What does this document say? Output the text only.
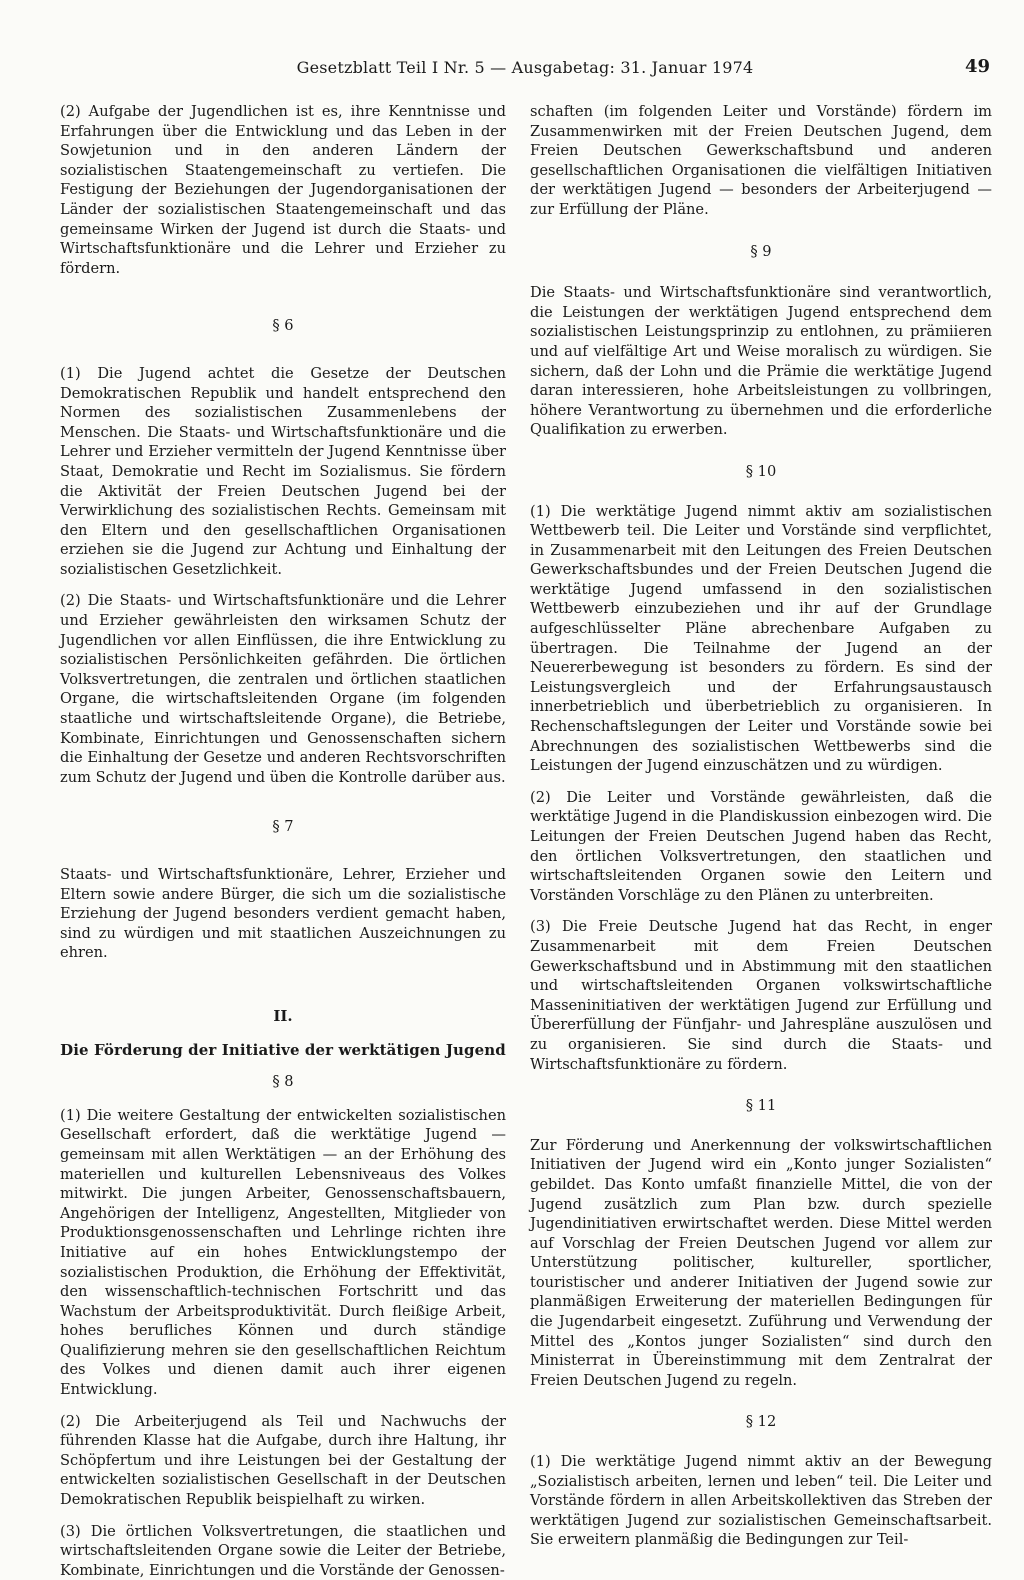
Gesetzblatt Teil I Nr. 5 — Ausgabetag: 31. Januar 1974	49

(2) Aufgabe der Jugendlichen ist es, ihre Kenntnisse und Erfahrungen über die Entwicklung und das Leben in der Sowjetunion und in den anderen Ländern der sozialistischen Staatengemeinschaft zu vertiefen. Die Festigung der Beziehungen der Jugendorganisationen der Länder der sozialistischen Staatengemeinschaft und das gemeinsame Wirken der Jugend ist durch die Staats- und Wirtschaftsfunktionäre und die Lehrer und Erzieher zu fördern.

§ 6

(1) Die Jugend achtet die Gesetze der Deutschen Demokratischen Republik und handelt entsprechend den Normen des sozialistischen Zusammenlebens der Menschen. Die Staats- und Wirtschaftsfunktionäre und die Lehrer und Erzieher vermitteln der Jugend Kenntnisse über Staat, Demokratie und Recht im Sozialismus. Sie fördern die Aktivität der Freien Deutschen Jugend bei der Verwirklichung des sozialistischen Rechts. Gemeinsam mit den Eltern und den gesellschaftlichen Organisationen erziehen sie die Jugend zur Achtung und Einhaltung der sozialistischen Gesetzlichkeit.

(2) Die Staats- und Wirtschaftsfunktionäre und die Lehrer und Erzieher gewährleisten den wirksamen Schutz der Jugendlichen vor allen Einflüssen, die ihre Entwicklung zu sozialistischen Persönlichkeiten gefährden. Die örtlichen Volksvertretungen, die zentralen und örtlichen staatlichen Organe, die wirtschaftsleitenden Organe (im folgenden staatliche und wirtschaftsleitende Organe), die Betriebe, Kombinate, Einrichtungen und Genossenschaften sichern die Einhaltung der Gesetze und anderen Rechtsvorschriften zum Schutz der Jugend und üben die Kontrolle darüber aus.

§ 7

Staats- und Wirtschaftsfunktionäre, Lehrer, Erzieher und Eltern sowie andere Bürger, die sich um die sozialistische Erziehung der Jugend besonders verdient gemacht haben, sind zu würdigen und mit staatlichen Auszeichnungen zu ehren.

II.
Die Förderung der Initiative der werktätigen Jugend
§ 8

(1) Die weitere Gestaltung der entwickelten sozialistischen Gesellschaft erfordert, daß die werktätige Jugend — gemeinsam mit allen Werktätigen — an der Erhöhung des materiellen und kulturellen Lebensniveaus des Volkes mitwirkt. Die jungen Arbeiter, Genossenschaftsbauern, Angehörigen der Intelligenz, Angestellten, Mitglieder von Produktionsgenossenschaften und Lehrlinge richten ihre Initiative auf ein hohes Entwicklungstempo der sozialistischen Produktion, die Erhöhung der Effektivität, den wissenschaftlich-technischen Fortschritt und das Wachstum der Arbeitsproduktivität. Durch fleißige Arbeit, hohes berufliches Können und durch ständige Qualifizierung mehren sie den gesellschaftlichen Reichtum des Volkes und dienen damit auch ihrer eigenen Entwicklung.

(2) Die Arbeiterjugend als Teil und Nachwuchs der führenden Klasse hat die Aufgabe, durch ihre Haltung, ihr Schöpfertum und ihre Leistungen bei der Gestaltung der entwickelten sozialistischen Gesellschaft in der Deutschen Demokratischen Republik beispielhaft zu wirken.

(3) Die örtlichen Volksvertretungen, die staatlichen und wirtschaftsleitenden Organe sowie die Leiter der Betriebe, Kombinate, Einrichtungen und die Vorstände der Genossen-

schaften (im folgenden Leiter und Vorstände) fördern im Zusammenwirken mit der Freien Deutschen Jugend, dem Freien Deutschen Gewerkschaftsbund und anderen gesellschaftlichen Organisationen die vielfältigen Initiativen der werktätigen Jugend — besonders der Arbeiterjugend — zur Erfüllung der Pläne.

§ 9

Die Staats- und Wirtschaftsfunktionäre sind verantwortlich, die Leistungen der werktätigen Jugend entsprechend dem sozialistischen Leistungsprinzip zu entlohnen, zu prämiieren und auf vielfältige Art und Weise moralisch zu würdigen. Sie sichern, daß der Lohn und die Prämie die werktätige Jugend daran interessieren, hohe Arbeitsleistungen zu vollbringen, höhere Verantwortung zu übernehmen und die erforderliche Qualifikation zu erwerben.

§ 10

(1) Die werktätige Jugend nimmt aktiv am sozialistischen Wettbewerb teil. Die Leiter und Vorstände sind verpflichtet, in Zusammenarbeit mit den Leitungen des Freien Deutschen Gewerkschaftsbundes und der Freien Deutschen Jugend die werktätige Jugend umfassend in den sozialistischen Wettbewerb einzubeziehen und ihr auf der Grundlage aufgeschlüsselter Pläne abrechenbare Aufgaben zu übertragen. Die Teilnahme der Jugend an der Neuererbewegung ist besonders zu fördern. Es sind der Leistungsvergleich und der Erfahrungsaustausch innerbetrieblich und überbetrieblich zu organisieren. In Rechenschaftslegungen der Leiter und Vorstände sowie bei Abrechnungen des sozialistischen Wettbewerbs sind die Leistungen der Jugend einzuschätzen und zu würdigen.

(2) Die Leiter und Vorstände gewährleisten, daß die werktätige Jugend in die Plandiskussion einbezogen wird. Die Leitungen der Freien Deutschen Jugend haben das Recht, den örtlichen Volksvertretungen, den staatlichen und wirtschaftsleitenden Organen sowie den Leitern und Vorständen Vorschläge zu den Plänen zu unterbreiten.

(3) Die Freie Deutsche Jugend hat das Recht, in enger Zusammenarbeit mit dem Freien Deutschen Gewerkschaftsbund und in Abstimmung mit den staatlichen und wirtschaftsleitenden Organen volkswirtschaftliche Masseninitiativen der werktätigen Jugend zur Erfüllung und Übererfüllung der Fünfjahr- und Jahrespläne auszulösen und zu organisieren. Sie sind durch die Staats- und Wirtschaftsfunktionäre zu fördern.

§ 11

Zur Förderung und Anerkennung der volkswirtschaftlichen Initiativen der Jugend wird ein „Konto junger Sozialisten“ gebildet. Das Konto umfaßt finanzielle Mittel, die von der Jugend zusätzlich zum Plan bzw. durch spezielle Jugendinitiativen erwirtschaftet werden. Diese Mittel werden auf Vorschlag der Freien Deutschen Jugend vor allem zur Unterstützung politischer, kultureller, sportlicher, touristischer und anderer Initiativen der Jugend sowie zur planmäßigen Erweiterung der materiellen Bedingungen für die Jugendarbeit eingesetzt. Zuführung und Verwendung der Mittel des „Kontos junger Sozialisten“ sind durch den Ministerrat in Übereinstimmung mit dem Zentralrat der Freien Deutschen Jugend zu regeln.

§ 12

(1) Die werktätige Jugend nimmt aktiv an der Bewegung „Sozialistisch arbeiten, lernen und leben“ teil. Die Leiter und Vorstände fördern in allen Arbeitskollektiven das Streben der werktätigen Jugend zur sozialistischen Gemeinschaftsarbeit. Sie erweitern planmäßig die Bedingungen zur Teil-
